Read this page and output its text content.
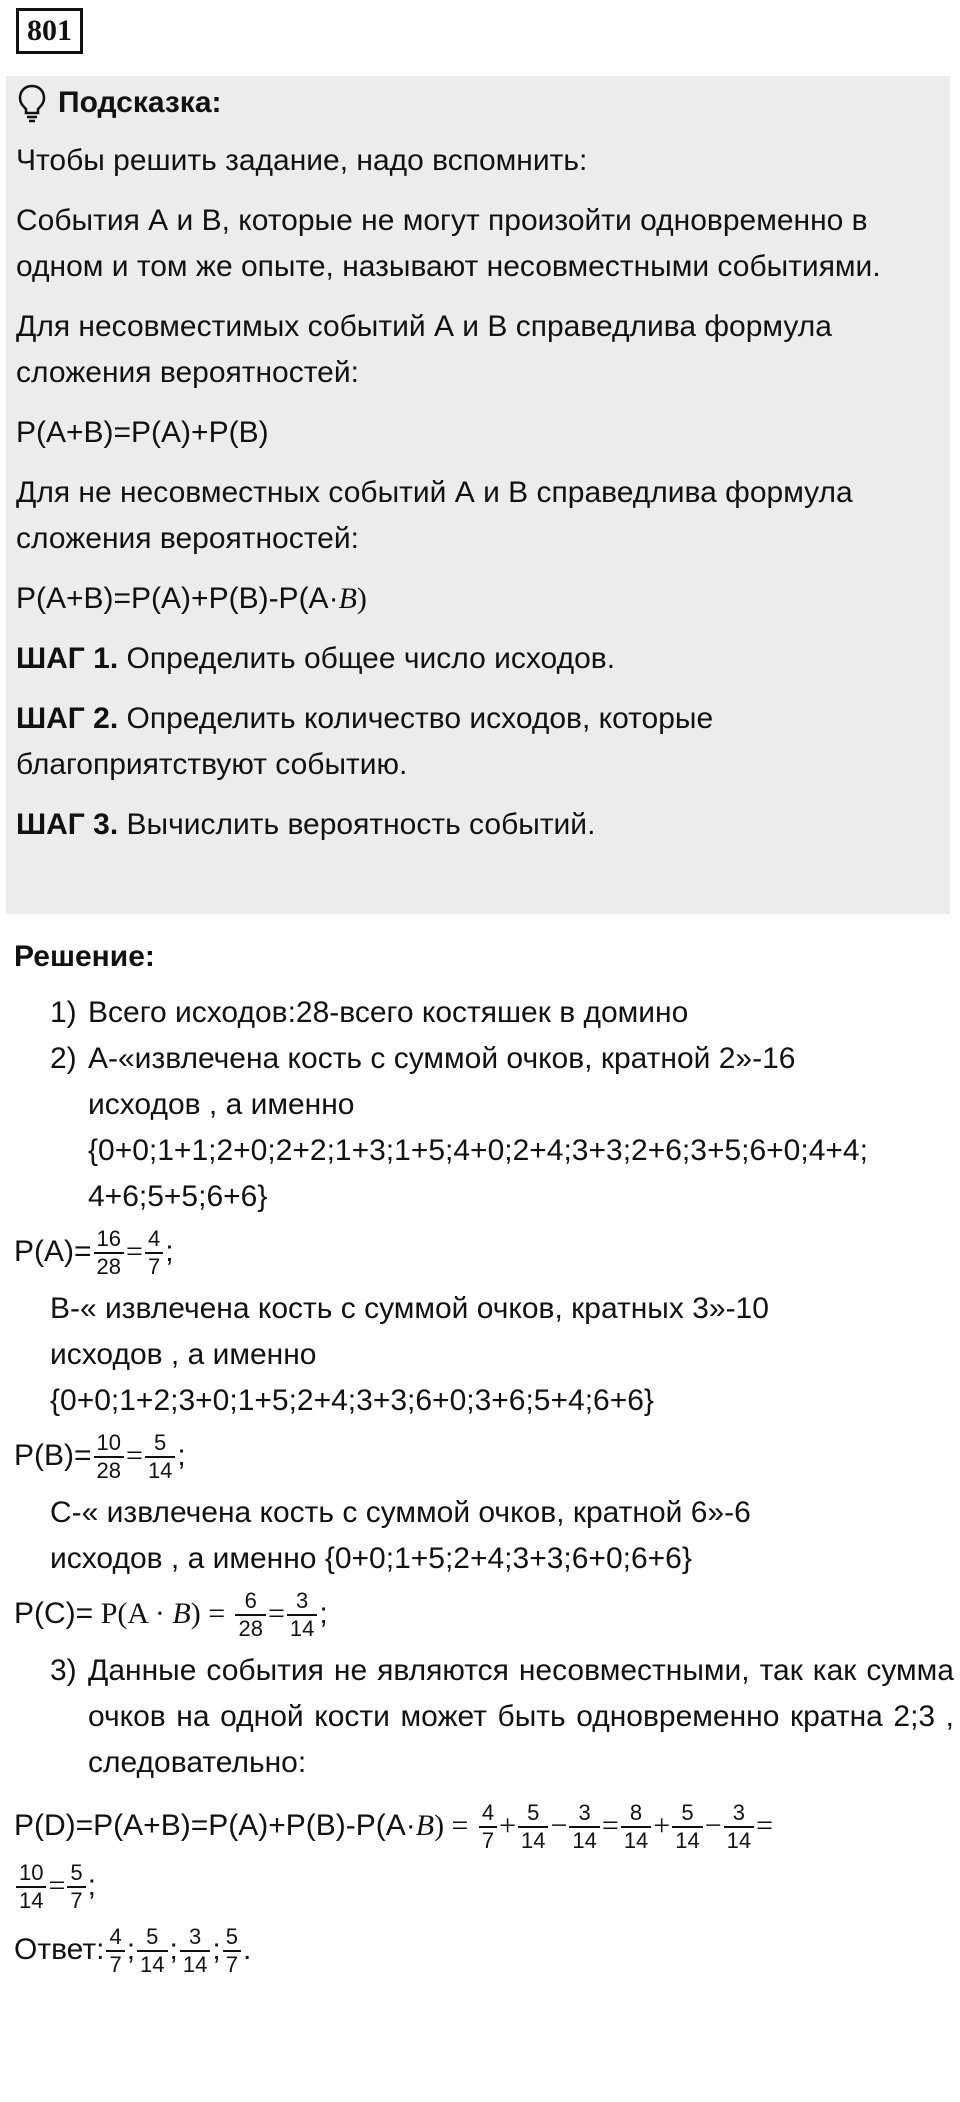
801

Подсказка:

Чтобы решить задание, надо вспомнить:

События А и В, которые не могут произойти одновременно в одном и том же опыте, называют несовместными событиями.

Для несовместимых событий А и В справедлива формула сложения вероятностей:

P(A+B)=P(A)+P(B)

Для не несовместных событий А и В справедлива формула сложения вероятностей:

P(A+B)=P(A)+P(B)-P(A·B)

ШАГ 1. Определить общее число исходов.

ШАГ 2. Определить количество исходов, которые благоприятствуют событию.

ШАГ 3. Вычислить вероятность событий.

Решение:

1) Всего исходов:28-всего костяшек в домино
2) А-«извлечена кость с суммой очков, кратной 2»-16
исходов , а именно
{0+0;1+1;2+0;2+2;1+3;1+5;4+0;2+4;3+3;2+6;3+5;6+0;4+4;
4+6;5+5;6+6}
$P(A)= \frac{16}{28} = \frac{4}{7}$ ;
В-« извлечена кость с суммой очков, кратных 3»-10
исходов , а именно
{0+0;1+2;3+0;1+5;2+4;3+3;6+0;3+6;5+4;6+6}
$P(B)= \frac{10}{28} = \frac{5}{14}$ ;
С-« извлечена кость с суммой очков, кратной 6»-6
исходов , а именно {0+0;1+5;2+4;3+3;6+0;6+6}
$P(C)= P(A \cdot B) = \frac{6}{28} = \frac{3}{14}$ ;
3) Данные события не являются несовместными, так как сумма очков на одной кости может быть одновременно кратна 2;3 , следовательно:
$P(D)=P(A+B)=P(A)+P(B)-P(A\cdot B) = \frac{4}{7} + \frac{5}{14} - \frac{3}{14} = \frac{8}{14} + \frac{5}{14} - \frac{3}{14}$ =
$\frac{10}{14} = \frac{5}{7}$ ;
Ответ: $\frac{4}{7}$ ; $\frac{5}{14}$ ; $\frac{3}{14}$ ; $\frac{5}{7}$ .
